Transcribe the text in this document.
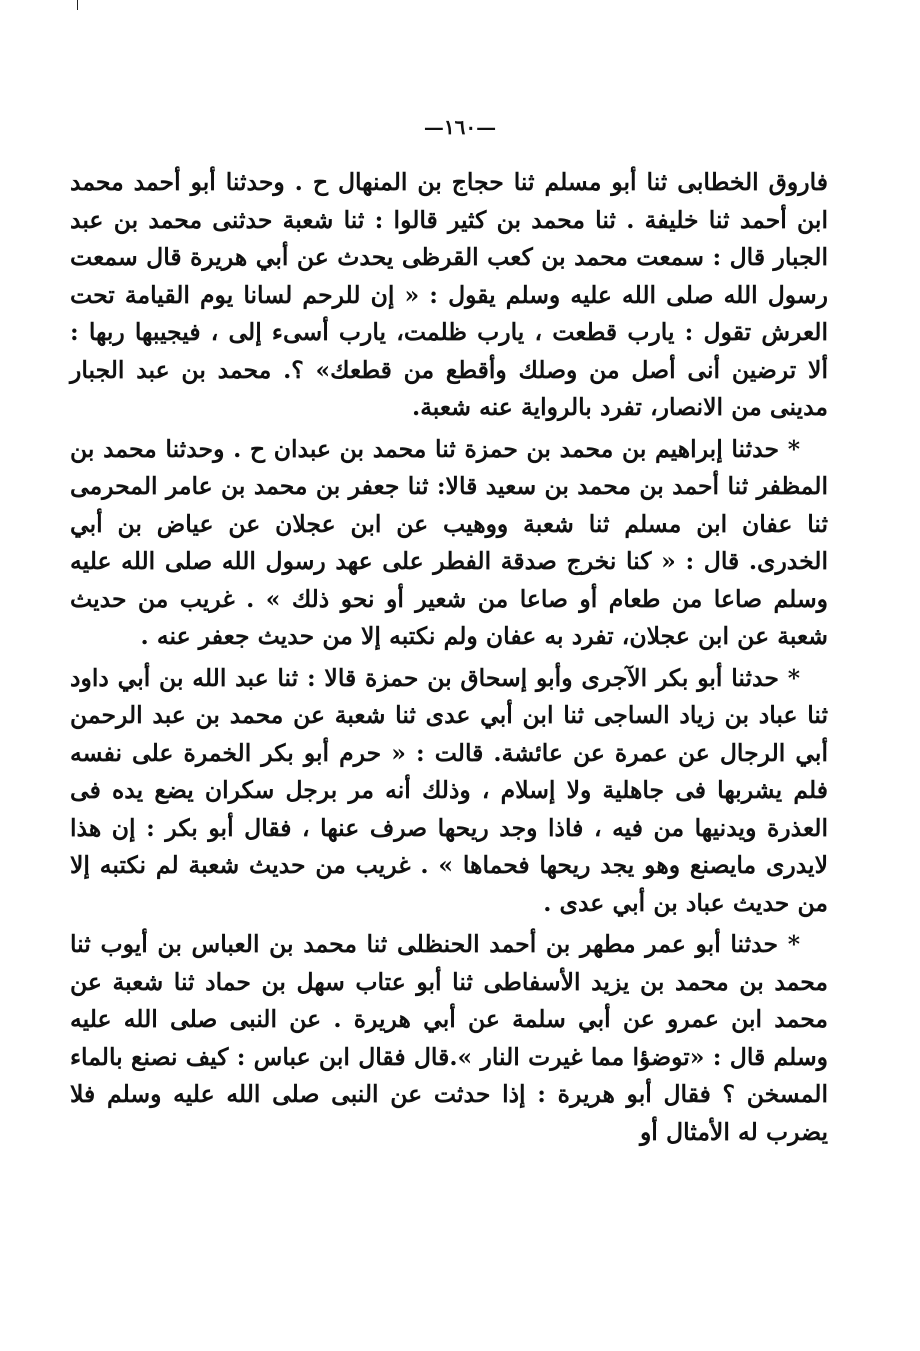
—١٦٠—

فاروق الخطابى ثنا أبو مسلم ثنا حجاج بن المنهال ح . وحدثنا أبو أحمد محمد ابن أحمد ثنا خليفة . ثنا محمد بن كثير قالوا : ثنا شعبة حدثنى محمد بن عبد الجبار قال : سمعت محمد بن كعب القرظى يحدث عن أبي هريرة قال سمعت رسول الله صلى الله عليه وسلم يقول : « إن للرحم لسانا يوم القيامة تحت العرش تقول : يارب قطعت ، يارب ظلمت، يارب أسىء إلى ، فيجيبها ربها : ألا ترضين أنى أصل من وصلك وأقطع من قطعك» ؟. محمد بن عبد الجبار مدينى من الانصار، تفرد بالرواية عنه شعبة.

* حدثنا إبراهيم بن محمد بن حمزة ثنا محمد بن عبدان ح . وحدثنا محمد بن المظفر ثنا أحمد بن محمد بن سعيد قالا: ثنا جعفر بن محمد بن عامر المحرمى ثنا عفان ابن مسلم ثنا شعبة ووهيب عن ابن عجلان عن عياض بن أبي الخدرى. قال : « كنا نخرج صدقة الفطر على عهد رسول الله صلى الله عليه وسلم صاعا من طعام أو صاعا من شعير أو نحو ذلك » . غريب من حديث شعبة عن ابن عجلان، تفرد به عفان ولم نكتبه إلا من حديث جعفر عنه .

* حدثنا أبو بكر الآجرى وأبو إسحاق بن حمزة قالا : ثنا عبد الله بن أبي داود ثنا عباد بن زياد الساجى ثنا ابن أبي عدى ثنا شعبة عن محمد بن عبد الرحمن أبي الرجال عن عمرة عن عائشة. قالت : « حرم أبو بكر الخمرة على نفسه فلم يشربها فى جاهلية ولا إسلام ، وذلك أنه مر برجل سكران يضع يده فى العذرة ويدنيها من فيه ، فاذا وجد ريحها صرف عنها ، فقال أبو بكر : إن هذا لايدرى مايصنع وهو يجد ريحها فحماها » . غريب من حديث شعبة لم نكتبه إلا من حديث عباد بن أبي عدى .

* حدثنا أبو عمر مطهر بن أحمد الحنظلى ثنا محمد بن العباس بن أيوب ثنا محمد بن محمد بن يزيد الأسفاطى ثنا أبو عتاب سهل بن حماد ثنا شعبة عن محمد ابن عمرو عن أبي سلمة عن أبي هريرة . عن النبى صلى الله عليه وسلم قال : «توضؤا مما غيرت النار ».قال فقال ابن عباس : كيف نصنع بالماء المسخن ؟ فقال أبو هريرة : إذا حدثت عن النبى صلى الله عليه وسلم فلا يضرب له الأمثال أو
